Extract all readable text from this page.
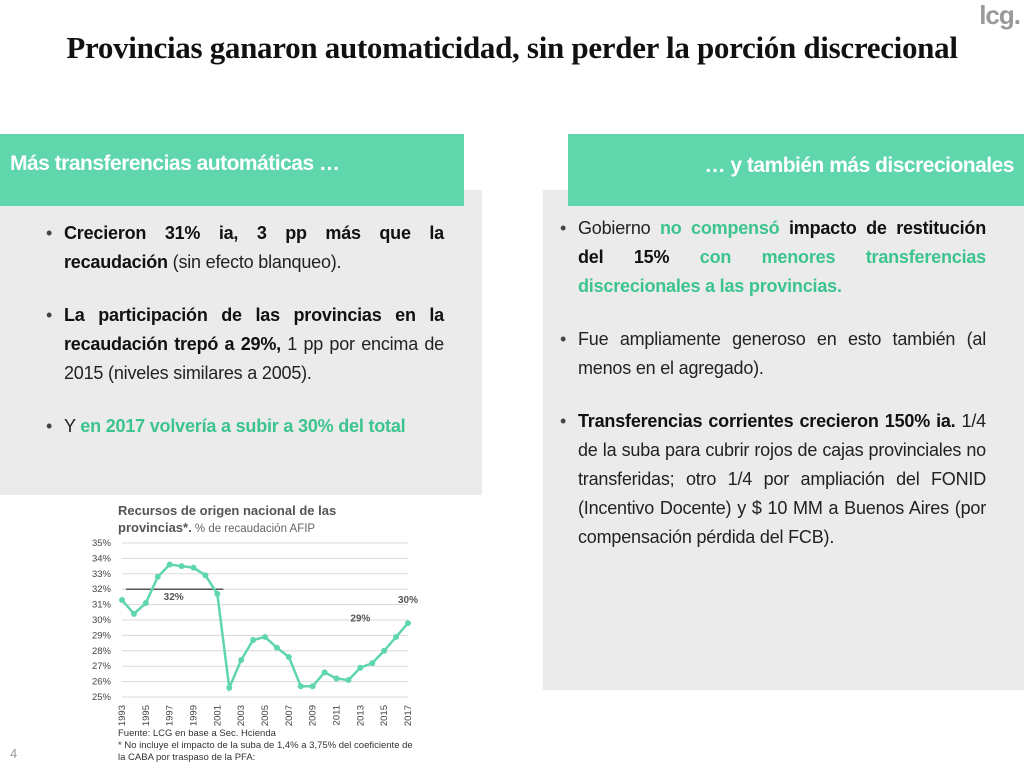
lcg.
Provincias ganaron automaticidad, sin perder la porción discrecional
Más transferencias automáticas …	… y también más discrecionales
• Crecieron 31% ia, 3 pp más que la recaudación (sin efecto blanqueo).
• La participación de las provincias en la recaudación trepó a 29%, 1 pp por encima de 2015 (niveles similares a 2005).
• Y en 2017 volvería a subir a 30% del total
• Gobierno no compensó impacto de restitución del 15% con menores transferencias discrecionales a las provincias.
• Fue ampliamente generoso en esto también (al menos en el agregado).
• Transferencias corrientes crecieron 150% ia. 1/4 de la suba para cubrir rojos de cajas provinciales no transferidas; otro 1/4 por ampliación del FONID (Incentivo Docente) y $ 10 MM a Buenos Aires (por compensación pérdida del FCB).
Recursos de origen nacional de las provincias*. % de recaudación AFIP
25%
26%
27%
28%
29%
30%
31%
32%
33%
34%
35%
1993 1995 1997 1999 2001 2003 2005 2007 2009 2011 2013 2015 2017
32%
29%
30%
Fuente: LCG en base a Sec. Hcienda
* No incluye el impacto de la suba de 1,4% a 3,75% del coeficiente de la CABA por traspaso de la PFA:
4
